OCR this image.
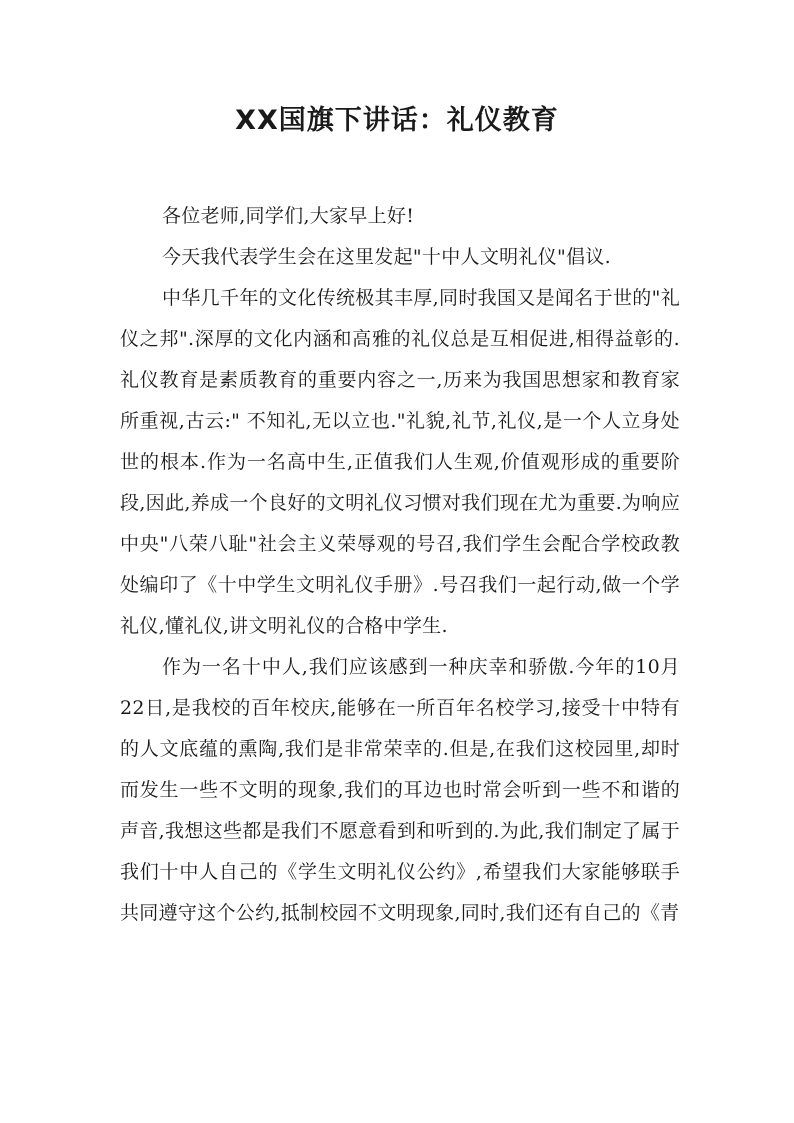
XX国旗下讲话：礼仪教育

各位老师,同学们,大家早上好!

今天我代表学生会在这里发起"十中人文明礼仪"倡议.

中华几千年的文化传统极其丰厚,同时我国又是闻名于世的"礼仪之邦".深厚的文化内涵和高雅的礼仪总是互相促进,相得益彰的.礼仪教育是素质教育的重要内容之一,历来为我国思想家和教育家所重视,古云:" 不知礼,无以立也."礼貌,礼节,礼仪,是一个人立身处世的根本.作为一名高中生,正值我们人生观,价值观形成的重要阶段,因此,养成一个良好的文明礼仪习惯对我们现在尤为重要.为响应中央"八荣八耻"社会主义荣辱观的号召,我们学生会配合学校政教处编印了《十中学生文明礼仪手册》.号召我们一起行动,做一个学礼仪,懂礼仪,讲文明礼仪的合格中学生.

作为一名十中人,我们应该感到一种庆幸和骄傲.今年的10月22日,是我校的百年校庆,能够在一所百年名校学习,接受十中特有的人文底蕴的熏陶,我们是非常荣幸的.但是,在我们这校园里,却时而发生一些不文明的现象,我们的耳边也时常会听到一些不和谐的声音,我想这些都是我们不愿意看到和听到的.为此,我们制定了属于我们十中人自己的《学生文明礼仪公约》,希望我们大家能够联手共同遵守这个公约,抵制校园不文明现象,同时,我们还有自己的《青
